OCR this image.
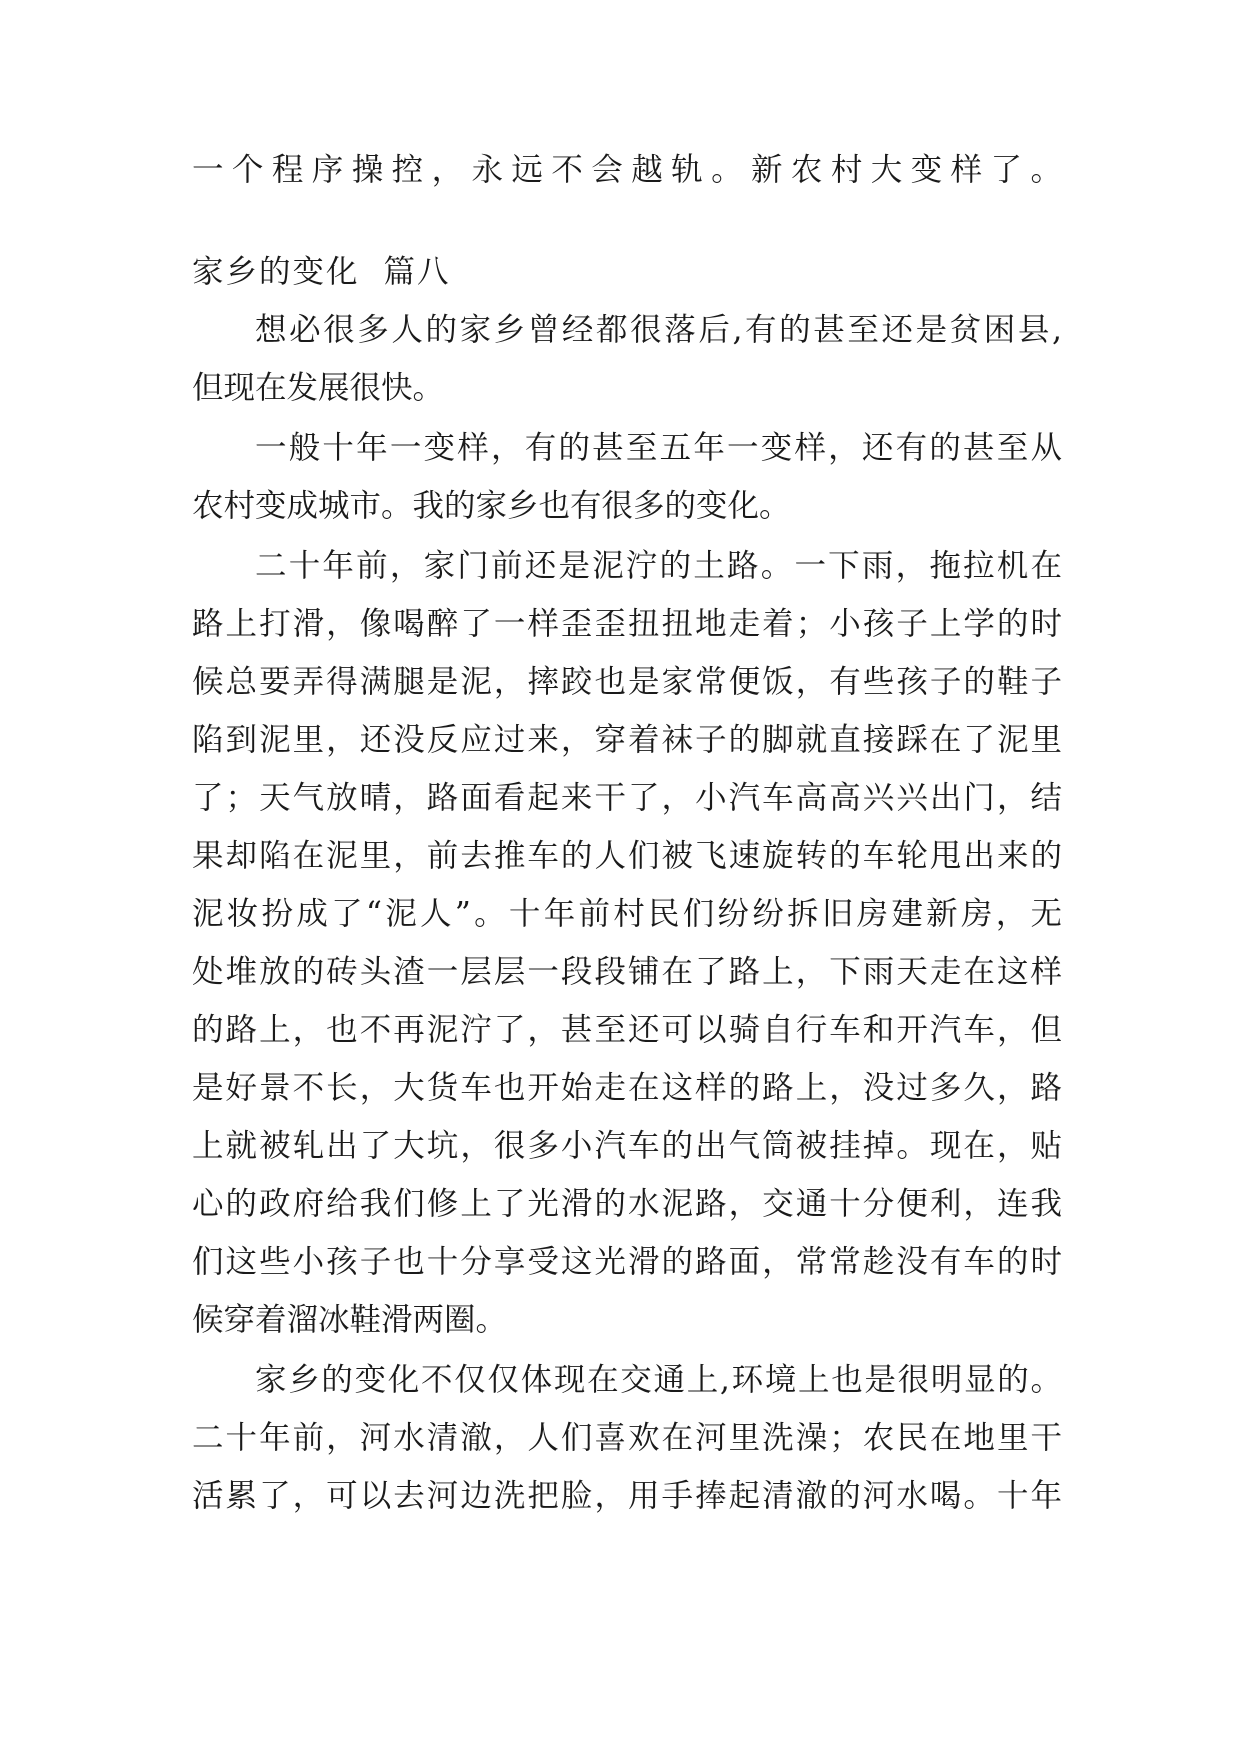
一个程序操控，永远不会越轨。新农村大变样了。
家乡的变化  篇八
想必很多人的家乡曾经都很落后,有的甚至还是贫困县,
但现在发展很快。
一般十年一变样，有的甚至五年一变样，还有的甚至从
农村变成城市。我的家乡也有很多的变化。
二十年前，家门前还是泥泞的土路。一下雨，拖拉机在
路上打滑，像喝醉了一样歪歪扭扭地走着；小孩子上学的时
候总要弄得满腿是泥，摔跤也是家常便饭，有些孩子的鞋子
陷到泥里，还没反应过来，穿着袜子的脚就直接踩在了泥里
了；天气放晴，路面看起来干了，小汽车高高兴兴出门，结
果却陷在泥里，前去推车的人们被飞速旋转的车轮甩出来的
泥妆扮成了“泥人”。十年前村民们纷纷拆旧房建新房，无
处堆放的砖头渣一层层一段段铺在了路上，下雨天走在这样
的路上，也不再泥泞了，甚至还可以骑自行车和开汽车，但
是好景不长，大货车也开始走在这样的路上，没过多久，路
上就被轧出了大坑，很多小汽车的出气筒被挂掉。现在，贴
心的政府给我们修上了光滑的水泥路，交通十分便利，连我
们这些小孩子也十分享受这光滑的路面，常常趁没有车的时
候穿着溜冰鞋滑两圈。
家乡的变化不仅仅体现在交通上,环境上也是很明显的。
二十年前，河水清澈，人们喜欢在河里洗澡；农民在地里干
活累了，可以去河边洗把脸，用手捧起清澈的河水喝。十年
